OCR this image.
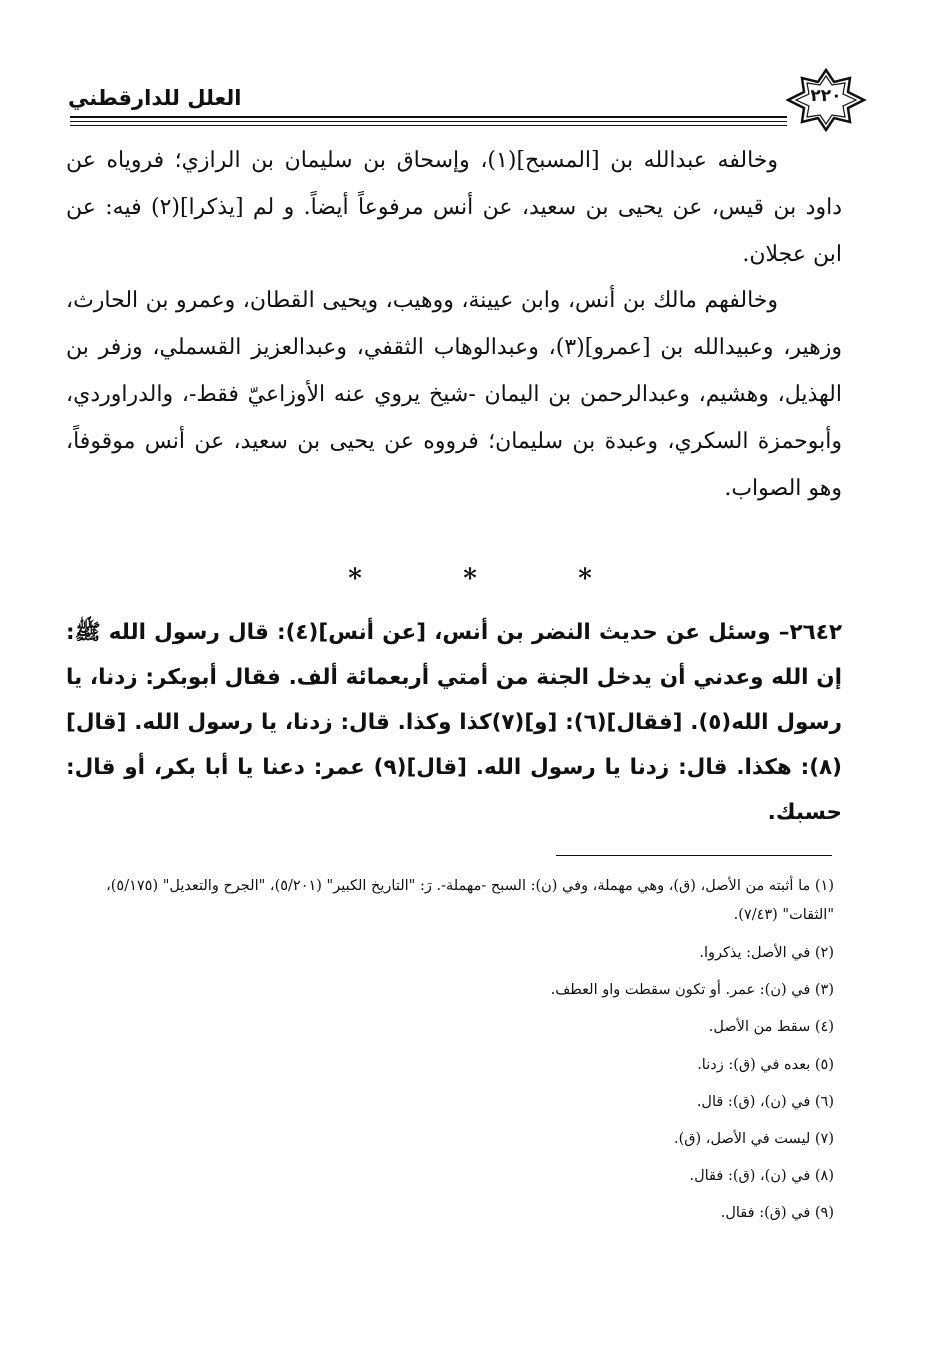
العلل للدارقطني	٢٢٠

وخالفه عبدالله بن [المسبح](١)، وإسحاق بن سليمان بن الرازي؛ فروياه عن داود بن قيس، عن يحيى بن سعيد، عن أنس مرفوعاً أيضاً. و لم [يذكرا](٢) فيه: عن ابن عجلان.

وخالفهم مالك بن أنس، وابن عيينة، ووهيب، ويحيى القطان، وعمرو بن الحارث، وزهير، وعبيدالله بن [عمرو](٣)، وعبدالوهاب الثقفي، وعبدالعزيز القسملي، وزفر بن الهذيل، وهشيم، وعبدالرحمن بن اليمان -شيخ يروي عنه الأوزاعيّ فقط-، والدراوردي، وأبوحمزة السكري، وعبدة بن سليمان؛ فرووه عن يحيى بن سعيد، عن أنس موقوفاً، وهو الصواب.

*
*
*
٢٦٤٢– وسئل عن حديث النضر بن أنس، [عن أنس](٤): قال رسول الله ﷺ: إن الله وعدني أن يدخل الجنة من أمتي أربعمائة ألف. فقال أبوبكر: زدنا، يا رسول الله(٥). [فقال](٦): [و](٧)كذا وكذا. قال: زدنا، يا رسول الله. [قال](٨): هكذا. قال: زدنا يا رسول الله. [قال](٩) عمر: دعنا يا أبا بكر، أو قال: حسبك.

(١) ما أثبته من الأصل، (ق)، وهي مهملة، وفي (ن): السبح -مهملة-. رَ: "التاريخ الكبير" (٥/٢٠١)، "الجرح والتعديل" (٥/١٧٥)، "الثقات" (٧/٤٣).

(٢) في الأصل: يذكروا.

(٣) في (ن): عمر. أو تكون سقطت واو العطف.

(٤) سقط من الأصل.

(٥) بعده في (ق): زدنا.

(٦) في (ن)، (ق): قال.

(٧) ليست في الأصل، (ق).

(٨) في (ن)، (ق): فقال.

(٩) في (ق): فقال.
